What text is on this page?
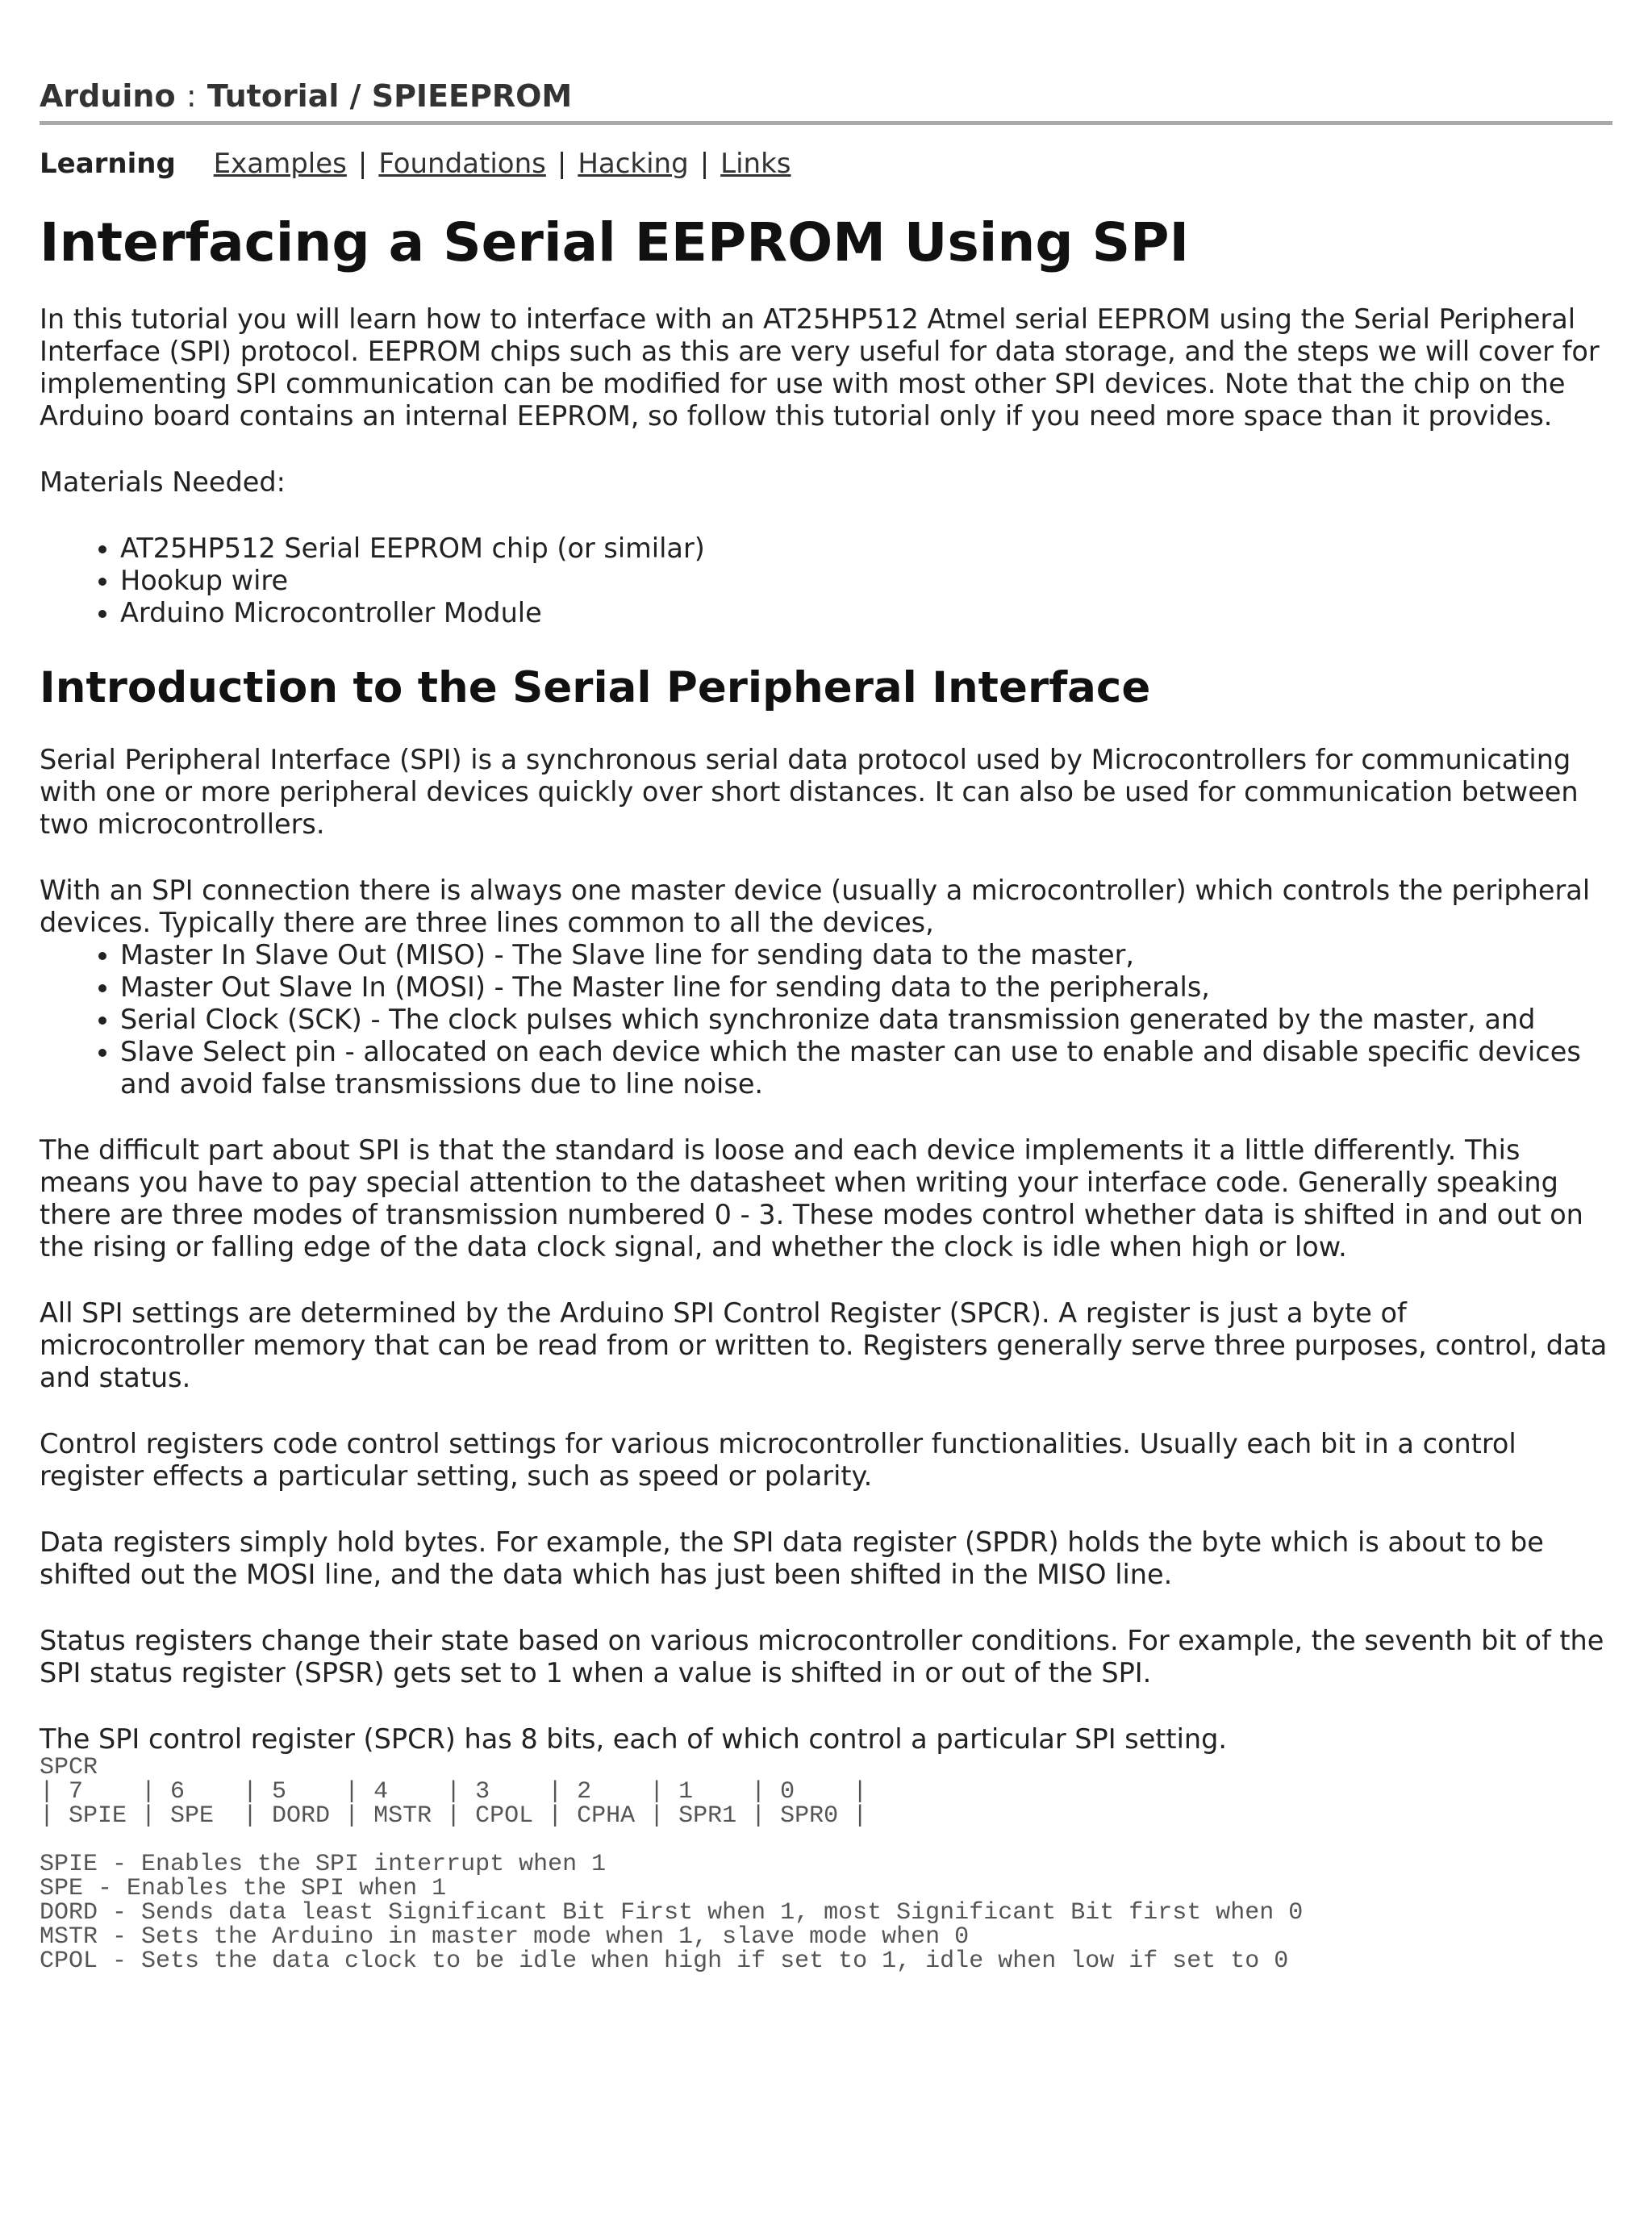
Arduino : Tutorial / SPIEEPROM
Learning Examples | Foundations | Hacking | Links
Interfacing a Serial EEPROM Using SPI

In this tutorial you will learn how to interface with an AT25HP512 Atmel serial EEPROM using the Serial Peripheral Interface (SPI) protocol. EEPROM chips such as this are very useful for data storage, and the steps we will cover for implementing SPI communication can be modified for use with most other SPI devices. Note that the chip on the Arduino board contains an internal EEPROM, so follow this tutorial only if you need more space than it provides.

Materials Needed:

• AT25HP512 Serial EEPROM chip (or similar)
• Hookup wire
• Arduino Microcontroller Module
Introduction to the Serial Peripheral Interface

Serial Peripheral Interface (SPI) is a synchronous serial data protocol used by Microcontrollers for communicating with one or more peripheral devices quickly over short distances. It can also be used for communication between two microcontrollers.

With an SPI connection there is always one master device (usually a microcontroller) which controls the peripheral devices. Typically there are three lines common to all the devices,

• Master In Slave Out (MISO) - The Slave line for sending data to the master,
• Master Out Slave In (MOSI) - The Master line for sending data to the peripherals,
• Serial Clock (SCK) - The clock pulses which synchronize data transmission generated by the master, and
• Slave Select pin - allocated on each device which the master can use to enable and disable specific devices and avoid false transmissions due to line noise.

The difficult part about SPI is that the standard is loose and each device implements it a little differently. This means you have to pay special attention to the datasheet when writing your interface code. Generally speaking there are three modes of transmission numbered 0 - 3. These modes control whether data is shifted in and out on the rising or falling edge of the data clock signal, and whether the clock is idle when high or low.

All SPI settings are determined by the Arduino SPI Control Register (SPCR). A register is just a byte of microcontroller memory that can be read from or written to. Registers generally serve three purposes, control, data and status.

Control registers code control settings for various microcontroller functionalities. Usually each bit in a control register effects a particular setting, such as speed or polarity.

Data registers simply hold bytes. For example, the SPI data register (SPDR) holds the byte which is about to be shifted out the MOSI line, and the data which has just been shifted in the MISO line.

Status registers change their state based on various microcontroller conditions. For example, the seventh bit of the SPI status register (SPSR) gets set to 1 when a value is shifted in or out of the SPI.

The SPI control register (SPCR) has 8 bits, each of which control a particular SPI setting.

SPCR
| 7    | 6    | 5    | 4    | 3    | 2    | 1    | 0    |
| SPIE | SPE  | DORD | MSTR | CPOL | CPHA | SPR1 | SPR0 |
SPIE - Enables the SPI interrupt when 1
SPE - Enables the SPI when 1
DORD - Sends data least Significant Bit First when 1, most Significant Bit first when 0
MSTR - Sets the Arduino in master mode when 1, slave mode when 0
CPOL - Sets the data clock to be idle when high if set to 1, idle when low if set to 0
